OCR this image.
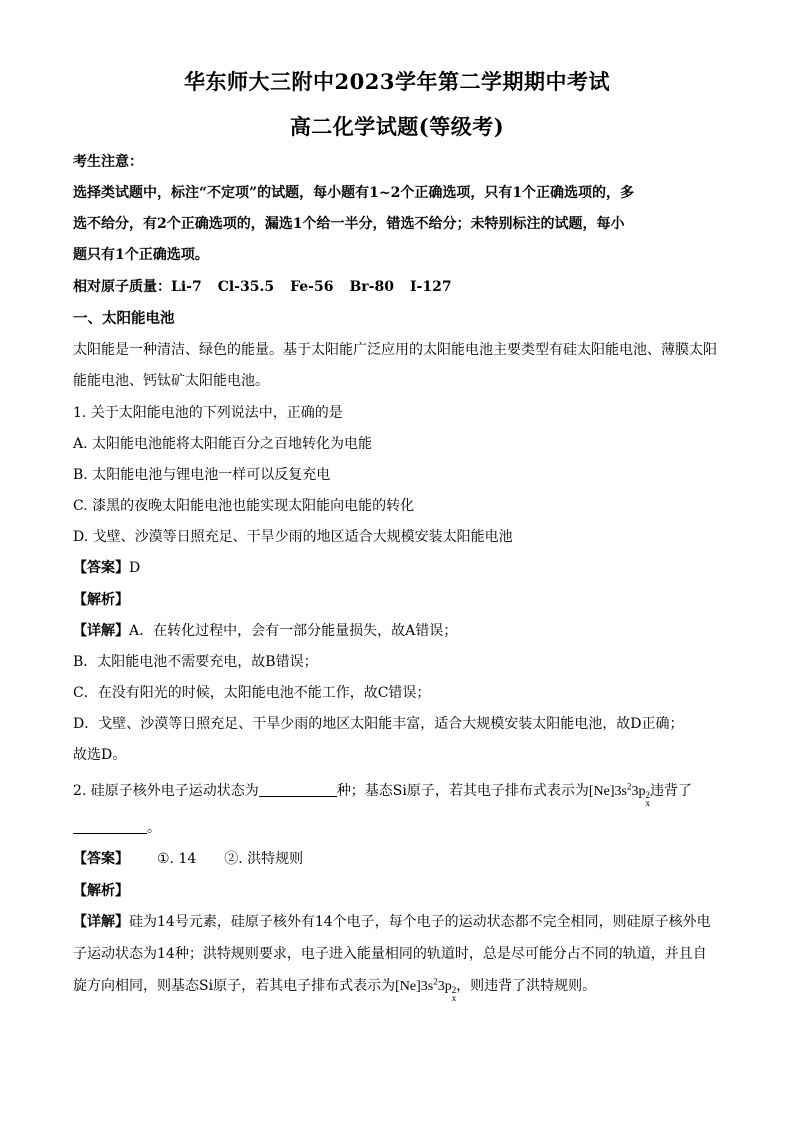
华东师大三附中2023学年第二学期期中考试
高二化学试题(等级考)
考生注意：
选择类试题中，标注“不定项”的试题，每小题有1~2个正确选项，只有1个正确选项的，多
选不给分，有2个正确选项的，漏选1个给一半分，错选不给分；未特别标注的试题，每小
题只有1个正确选项。
相对原子质量：Li-7 Cl-35.5 Fe-56 Br-80 I-127
一、太阳能电池
太阳能是一种清洁、绿色的能量。基于太阳能广泛应用的太阳能电池主要类型有硅太阳能电池、薄膜太阳
能能电池、钙钛矿太阳能电池。
1. 关于太阳能电池的下列说法中，正确的是
A. 太阳能电池能将太阳能百分之百地转化为电能
B. 太阳能电池与锂电池一样可以反复充电
C. 漆黑的夜晚太阳能电池也能实现太阳能向电能的转化
D. 戈壁、沙漠等日照充足、干旱少雨的地区适合大规模安装太阳能电池
【答案】D
【解析】
【详解】A．在转化过程中，会有一部分能量损失，故A错误；
B．太阳能电池不需要充电，故B错误；
C．在没有阳光的时候，太阳能电池不能工作，故C错误；
D．戈壁、沙漠等日照充足、干旱少雨的地区太阳能丰富，适合大规模安装太阳能电池，故D正确；
故选D。
2. 硅原子核外电子运动状态为	种；基态Si原子，若其电子排布式表示为$[Ne]3s^23p$ 2
x
违背了
。
【答案】 ①. 14 ②. 洪特规则
【解析】
【详解】硅为14号元素，硅原子核外有14个电子，每个电子的运动状态都不完全相同，则硅原子核外电
子运动状态为14种；洪特规则要求，电子进入能量相同的轨道时，总是尽可能分占不同的轨道，并且自
旋方向相同，则基态Si原子，若其电子排布式表示为$[Ne]3s^23p$ 2
x
，则违背了洪特规则。
